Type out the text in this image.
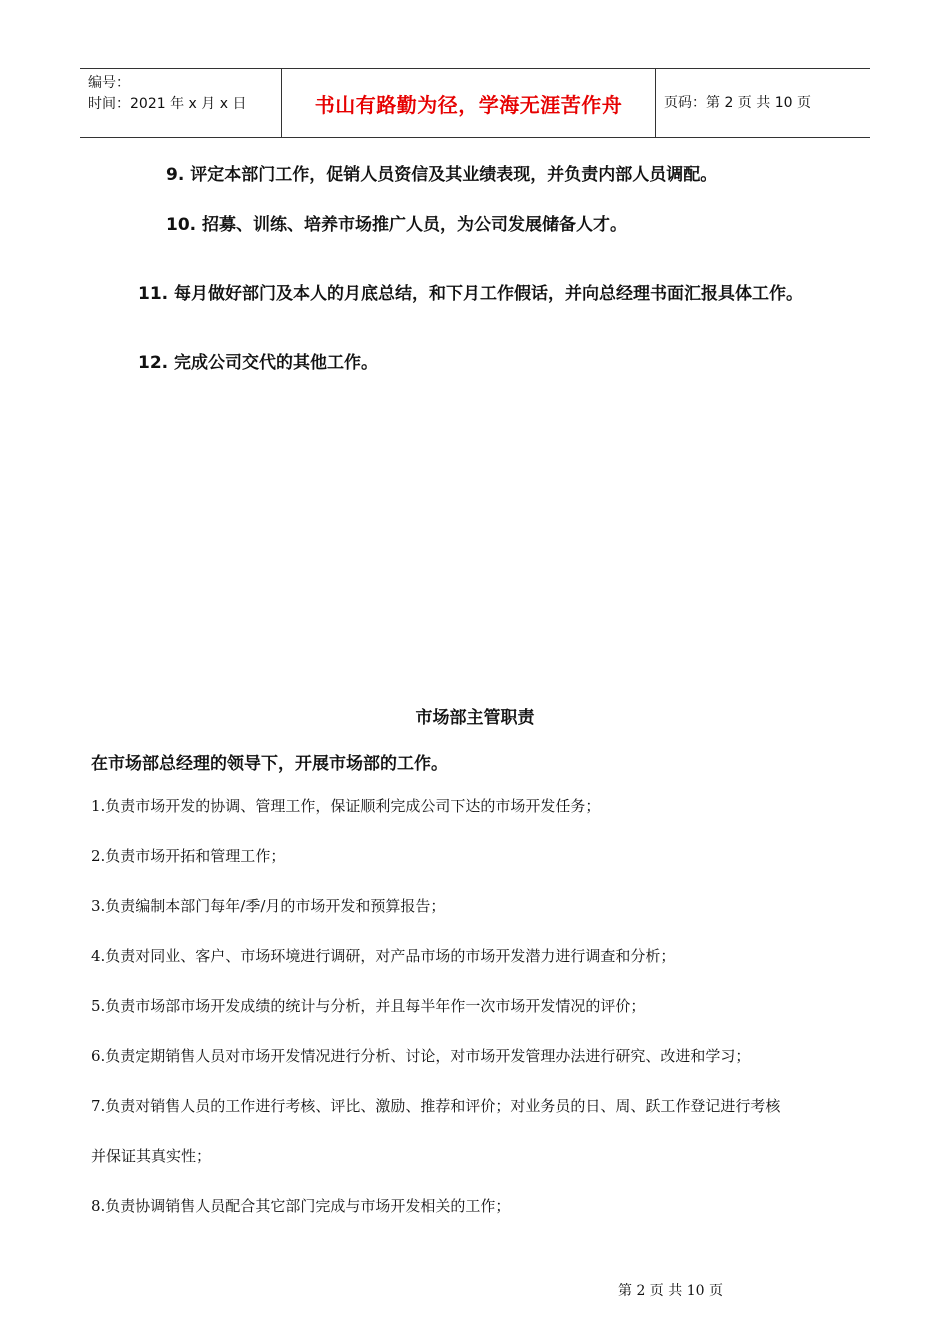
编号：
时间：2021 年 x 月 x 日	书山有路勤为径，学海无涯苦作舟	页码：第 2 页 共 10 页
9. 评定本部门工作，促销人员资信及其业绩表现，并负责内部人员调配。
10. 招募、训练、培养市场推广人员，为公司发展储备人才。
11. 每月做好部门及本人的月底总结，和下月工作假话，并向总经理书面汇报具体工作。
12. 完成公司交代的其他工作。
市场部主管职责
在市场部总经理的领导下，开展市场部的工作。
1.负责市场开发的协调、管理工作，保证顺利完成公司下达的市场开发任务；
2.负责市场开拓和管理工作；
3.负责编制本部门每年/季/月的市场开发和预算报告；
4.负责对同业、客户、市场环境进行调研，对产品市场的市场开发潜力进行调查和分析；
5.负责市场部市场开发成绩的统计与分析，并且每半年作一次市场开发情况的评价；
6.负责定期销售人员对市场开发情况进行分析、讨论，对市场开发管理办法进行研究、改进和学习；
7.负责对销售人员的工作进行考核、评比、激励、推荐和评价；对业务员的日、周、跃工作登记进行考核
并保证其真实性；
8.负责协调销售人员配合其它部门完成与市场开发相关的工作；
第 2 页 共 10 页
